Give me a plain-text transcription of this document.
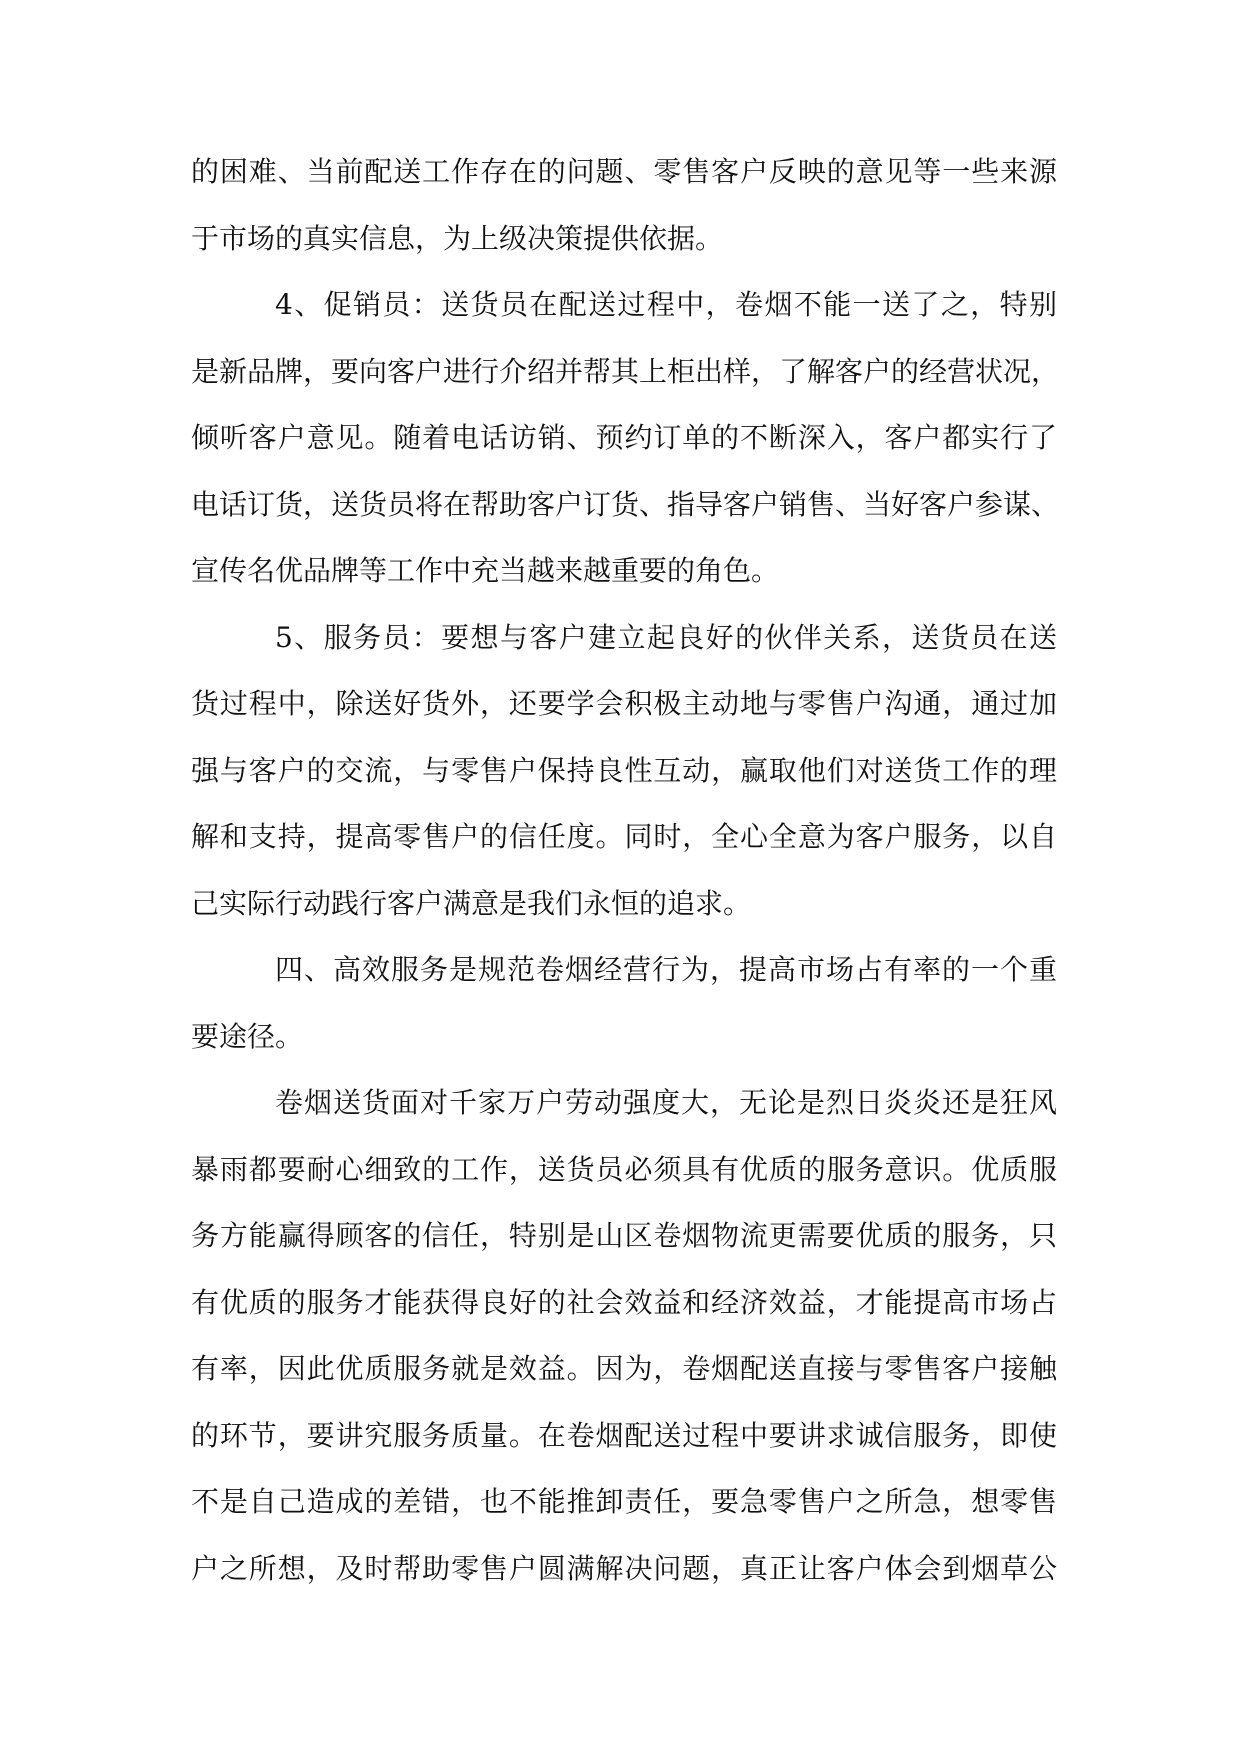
的困难、当前配送工作存在的问题、零售客户反映的意见等一些来源
于市场的真实信息，为上级决策提供依据。
4、促销员：送货员在配送过程中，卷烟不能一送了之，特别
是新品牌，要向客户进行介绍并帮其上柜出样，了解客户的经营状况，
倾听客户意见。随着电话访销、预约订单的不断深入，客户都实行了
电话订货，送货员将在帮助客户订货、指导客户销售、当好客户参谋、
宣传名优品牌等工作中充当越来越重要的角色。
5、服务员：要想与客户建立起良好的伙伴关系，送货员在送
货过程中，除送好货外，还要学会积极主动地与零售户沟通，通过加
强与客户的交流，与零售户保持良性互动，赢取他们对送货工作的理
解和支持，提高零售户的信任度。同时，全心全意为客户服务，以自
己实际行动践行客户满意是我们永恒的追求。
四、高效服务是规范卷烟经营行为，提高市场占有率的一个重
要途径。
卷烟送货面对千家万户劳动强度大，无论是烈日炎炎还是狂风
暴雨都要耐心细致的工作，送货员必须具有优质的服务意识。优质服
务方能赢得顾客的信任，特别是山区卷烟物流更需要优质的服务，只
有优质的服务才能获得良好的社会效益和经济效益，才能提高市场占
有率，因此优质服务就是效益。因为，卷烟配送直接与零售客户接触
的环节，要讲究服务质量。在卷烟配送过程中要讲求诚信服务，即使
不是自己造成的差错，也不能推卸责任，要急零售户之所急，想零售
户之所想，及时帮助零售户圆满解决问题，真正让客户体会到烟草公
